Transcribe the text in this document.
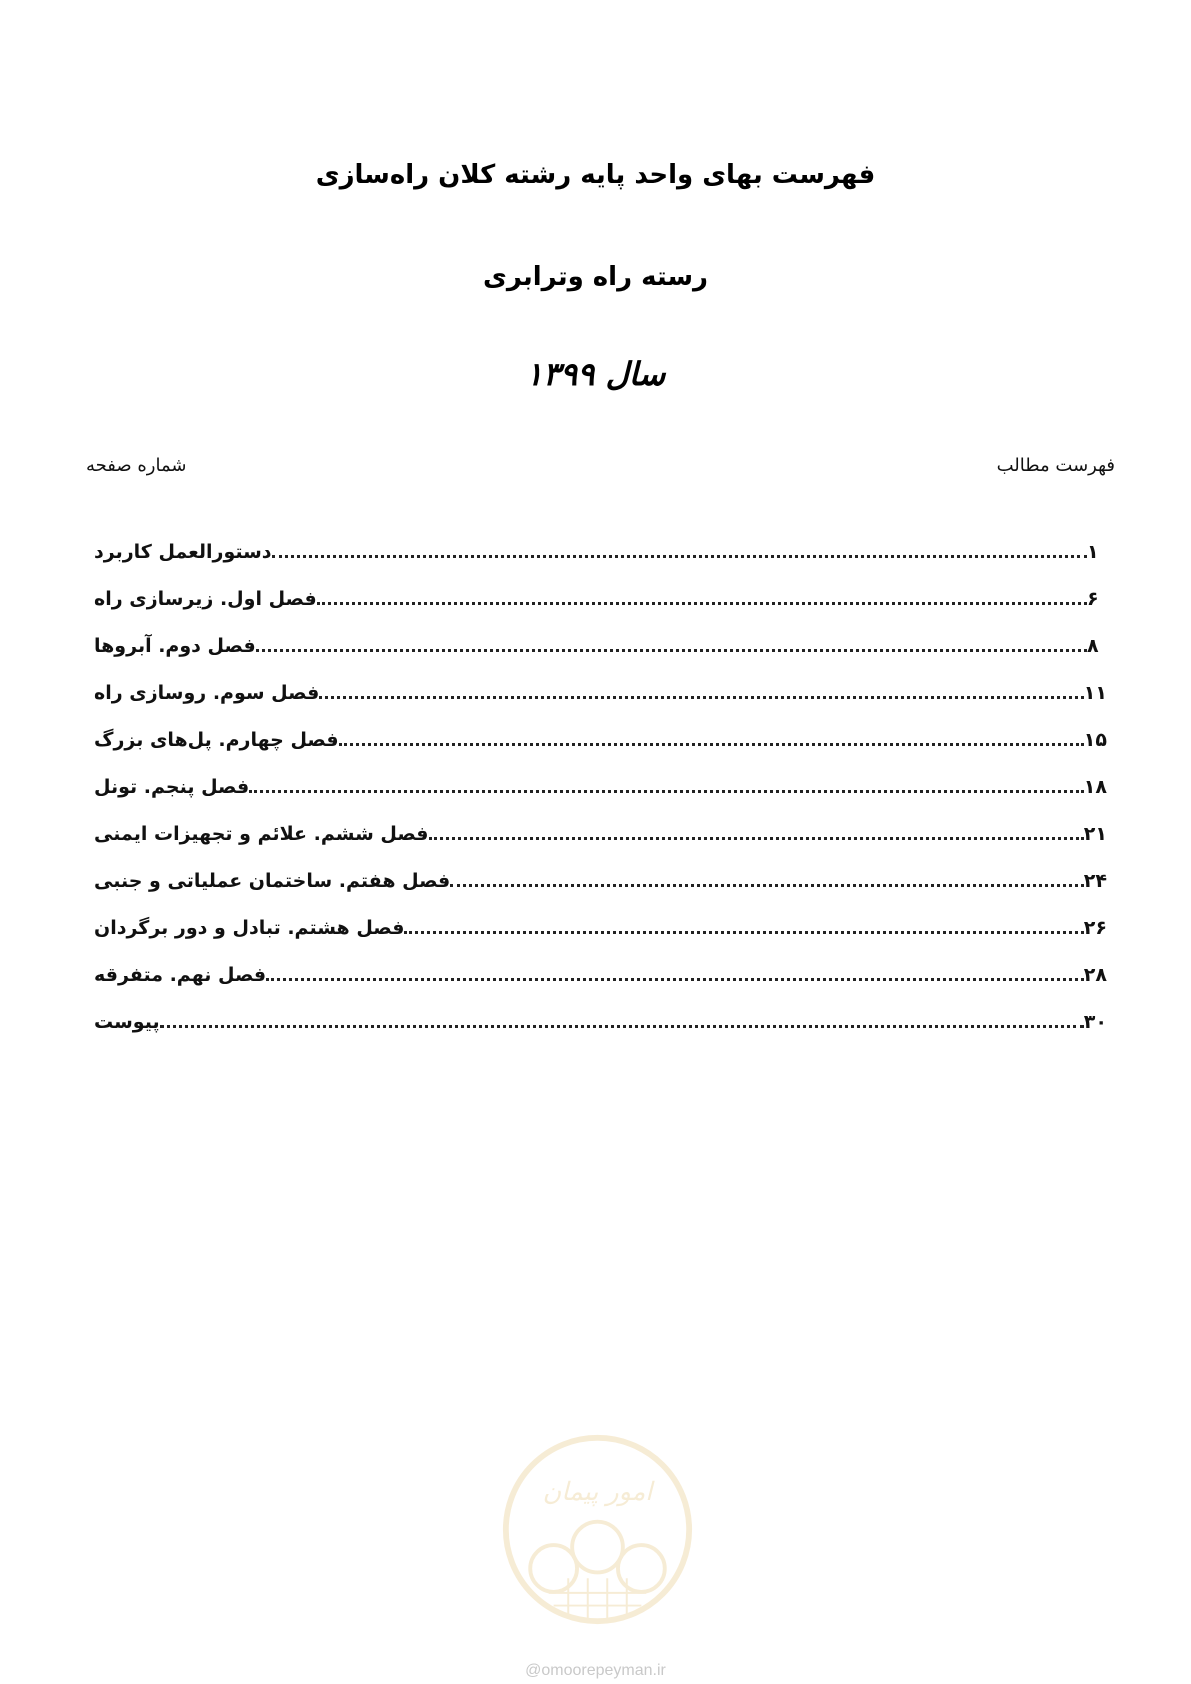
فهرست بهای واحد پایه رشته کلان راه‌سازی
رسته راه وترابری
سال ۱۳۹۹
فهرست مطالب
شماره صفحه
دستورالعمل کاربرد	۱
فصل اول. زیرسازی راه	۶
فصل دوم. آبروها	۸
فصل سوم. روسازی راه	۱۱
فصل چهارم. پل‌های بزرگ	۱۵
فصل پنجم. تونل	۱۸
فصل ششم. علائم و تجهیزات ایمنی	۲۱
فصل هفتم. ساختمان عملیاتی و جنبی	۲۴
فصل هشتم. تبادل و دور برگردان	۲۶
فصل نهم. متفرقه	۲۸
پیوست	۳۰
امور پیمان
@omoorepeyman.ir
